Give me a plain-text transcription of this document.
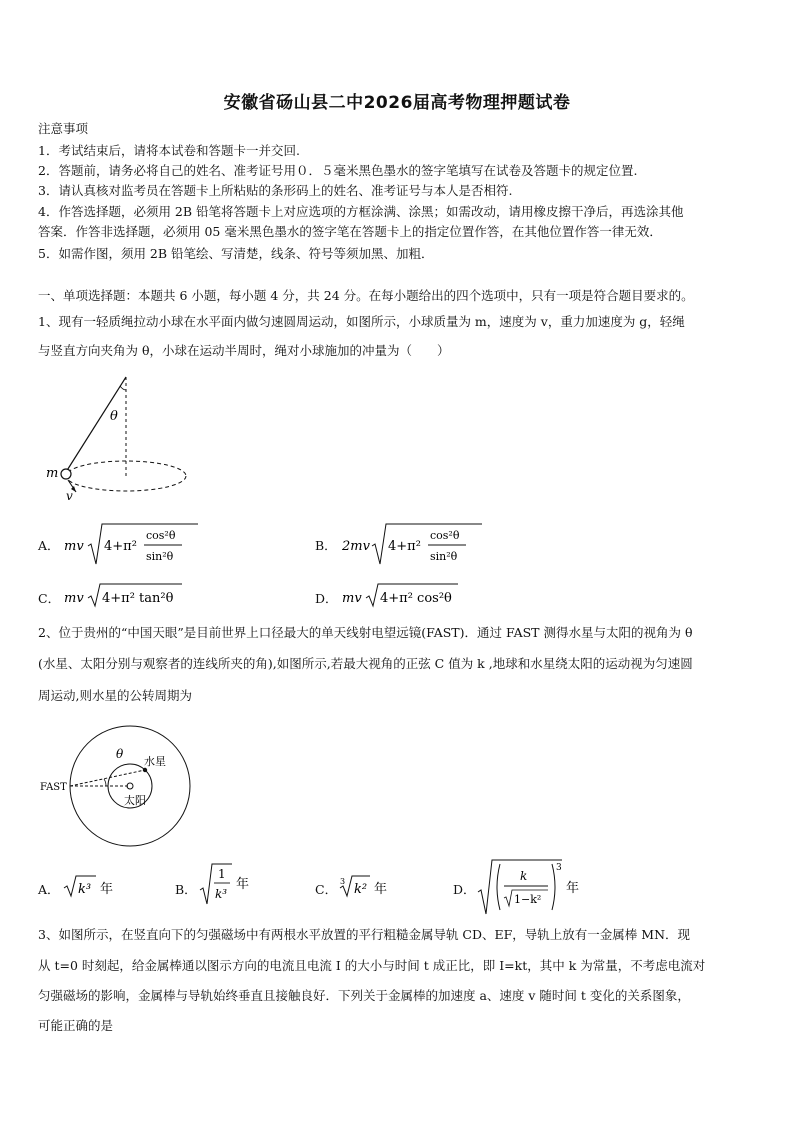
安徽省砀山县二中2026届高考物理押题试卷
注意事项
1．考试结束后，请将本试卷和答题卡一并交回.
2．答题前，请务必将自己的姓名、准考证号用０．５毫米黑色墨水的签字笔填写在试卷及答题卡的规定位置.
3．请认真核对监考员在答题卡上所粘贴的条形码上的姓名、准考证号与本人是否相符.
4．作答选择题，必须用 2B 铅笔将答题卡上对应选项的方框涂满、涂黑；如需改动，请用橡皮擦干净后，再选涂其他
答案．作答非选择题，必须用 05 毫米黑色墨水的签字笔在答题卡上的指定位置作答，在其他位置作答一律无效．
5．如需作图，须用 2B 铅笔绘、写清楚，线条、符号等须加黑、加粗．
一、单项选择题：本题共 6 小题，每小题 4 分，共 24 分。在每小题给出的四个选项中，只有一项是符合题目要求的。
1、现有一轻质绳拉动小球在水平面内做匀速圆周运动，如图所示，小球质量为 m，速度为 v，重力加速度为 g，轻绳
与竖直方向夹角为 θ，小球在运动半周时，绳对小球施加的冲量为（　　）
θ
m
v
A． mv 4+π²
cos²θ
sin²θ
B． 2mv 4+π²
cos²θ
sin²θ
C． mv 4+π² tan²θ	D． mv 4+π² cos²θ
2、位于贵州的“中国天眼”是目前世界上口径最大的单天线射电望远镜(FAST)．通过 FAST 测得水星与太阳的视角为 θ
(水星、太阳分别与观察者的连线所夹的角),如图所示,若最大视角的正弦 C 值为 k ,地球和水星绕太阳的运动视为匀速圆
周运动,则水星的公转周期为
FAST
θ
水星
太阳
A． k³ 年	B．
1
k³
年	C．
3
k² 年	D．
k
1−k²
3
年
3、如图所示，在竖直向下的匀强磁场中有两根水平放置的平行粗糙金属导轨 CD、EF，导轨上放有一金属棒 MN．现
从 t=0 时刻起，给金属棒通以图示方向的电流且电流 I 的大小与时间 t 成正比，即 I=kt，其中 k 为常量，不考虑电流对
匀强磁场的影响，金属棒与导轨始终垂直且接触良好．下列关于金属棒的加速度 a、速度 v 随时间 t 变化的关系图象，
可能正确的是
